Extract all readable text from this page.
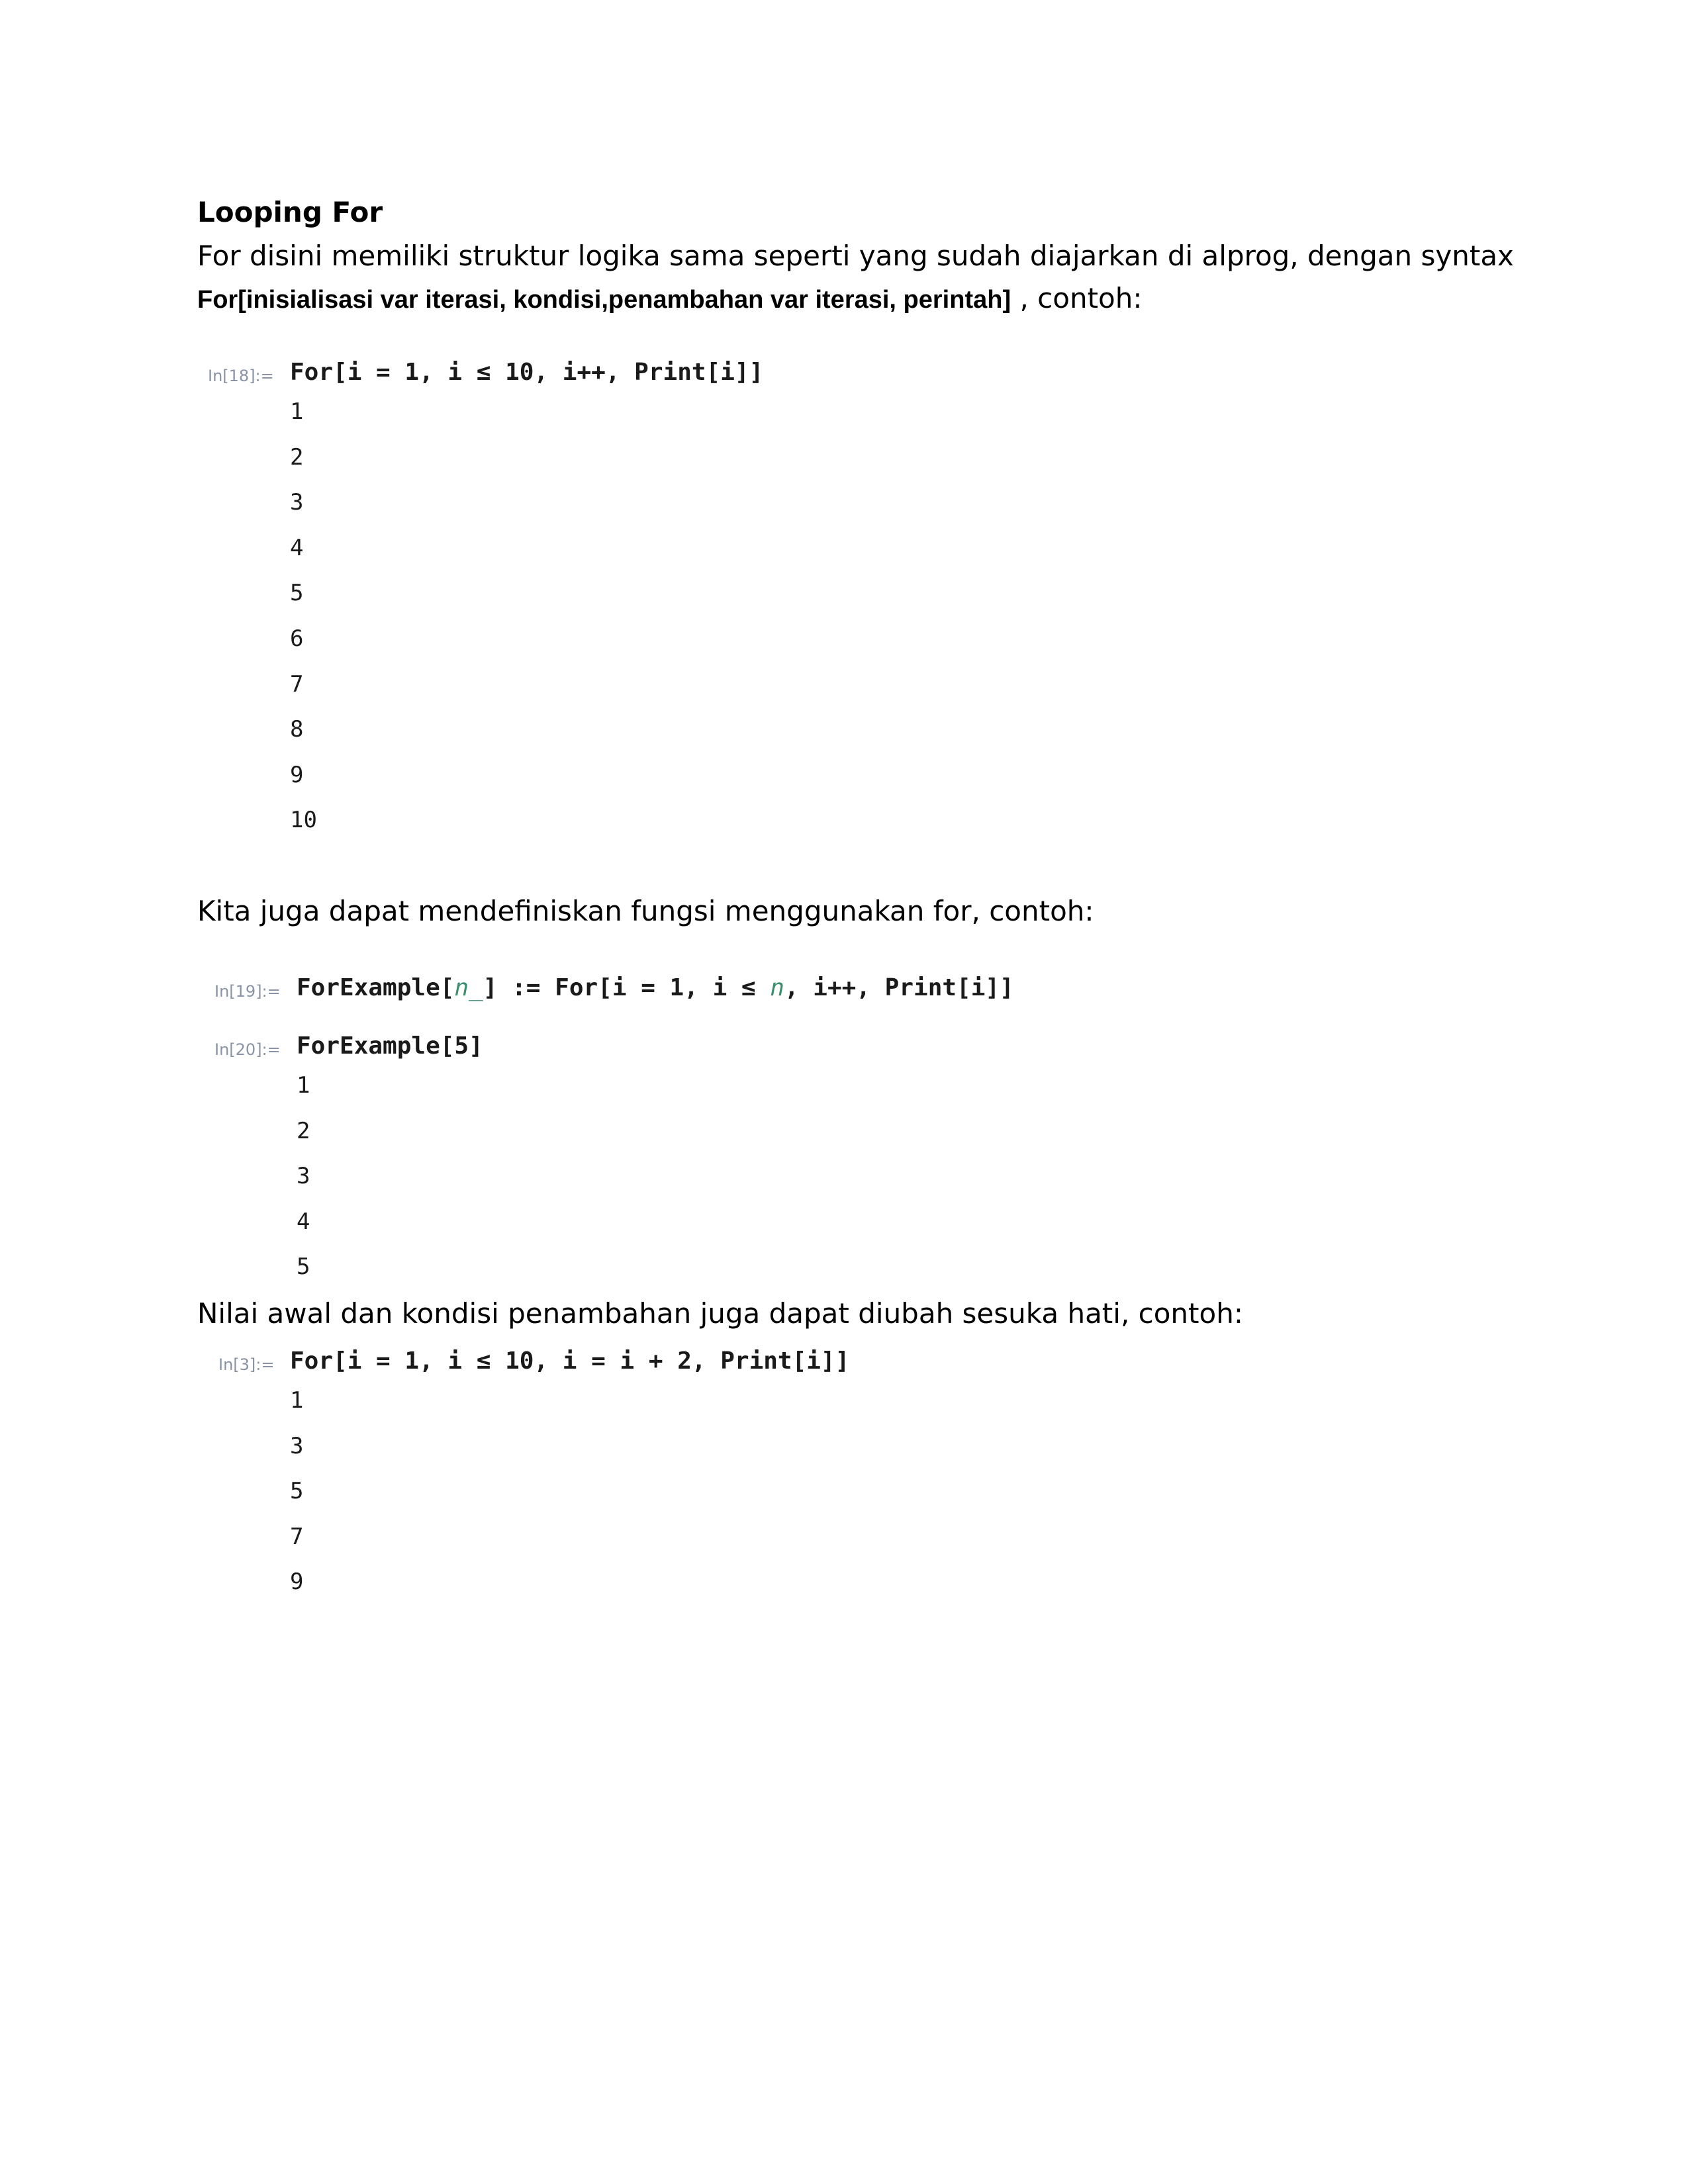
Looping For
For disini memiliki struktur logika sama seperti yang sudah diajarkan di alprog, dengan syntax
For[inisialisasi var iterasi, kondisi,penambahan var iterasi, perintah] , contoh:
In[18]:= For[i = 1, i ≤ 10, i++, Print[i]]
1
2
3
4
5
6
7
8
9
10
Kita juga dapat mendefiniskan fungsi menggunakan for, contoh:
In[19]:= ForExample[n_] := For[i = 1, i ≤ n, i++, Print[i]]
In[20]:= ForExample[5]
1
2
3
4
5
Nilai awal dan kondisi penambahan juga dapat diubah sesuka hati, contoh:
In[3]:= For[i = 1, i ≤ 10, i = i + 2, Print[i]]
1
3
5
7
9
